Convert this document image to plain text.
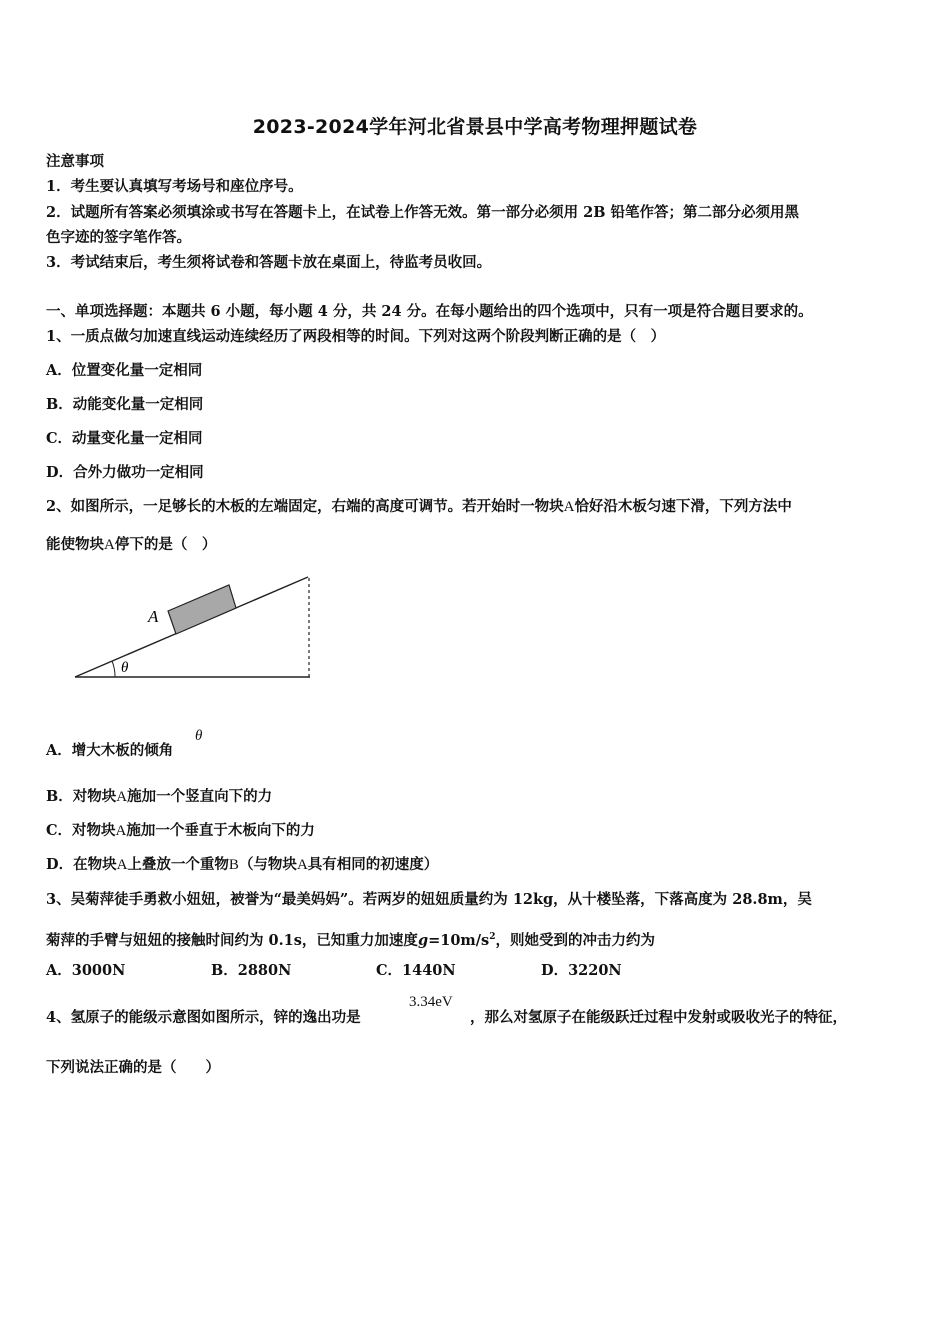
2023-2024学年河北省景县中学高考物理押题试卷
注意事项
1．考生要认真填写考场号和座位序号。
2．试题所有答案必须填涂或书写在答题卡上，在试卷上作答无效。第一部分必须用 2B 铅笔作答；第二部分必须用黑
色字迹的签字笔作答。
3．考试结束后，考生须将试卷和答题卡放在桌面上，待监考员收回。
一、单项选择题：本题共 6 小题，每小题 4 分，共 24 分。在每小题给出的四个选项中，只有一项是符合题目要求的。
1、一质点做匀加速直线运动连续经历了两段相等的时间。下列对这两个阶段判断正确的是（　）
A．位置变化量一定相同
B．动能变化量一定相同
C．动量变化量一定相同
D．合外力做功一定相同
2、如图所示，一足够长的木板的左端固定，右端的高度可调节。若开始时一物块A恰好沿木板匀速下滑，下列方法中
能使物块A停下的是（　）
A
θ
A．增大木板的倾角
θ
B．对物块A施加一个竖直向下的力
C．对物块A施加一个垂直于木板向下的力
D．在物块A上叠放一个重物B（与物块A具有相同的初速度）
3、吴菊萍徒手勇救小妞妞，被誉为“最美妈妈”。若两岁的妞妞质量约为 12kg，从十楼坠落，下落高度为 28.8m，吴
菊萍的手臂与妞妞的接触时间约为 0.1s，已知重力加速度$g=10m/s^2$，则她受到的冲击力约为
A．3000N	B．2880N	C．1440N	D．3220N
4、氢原子的能级示意图如图所示，锌的逸出功是
3.34eV
，那么对氢原子在能级跃迁过程中发射或吸收光子的特征，
下列说法正确的是（　　）
